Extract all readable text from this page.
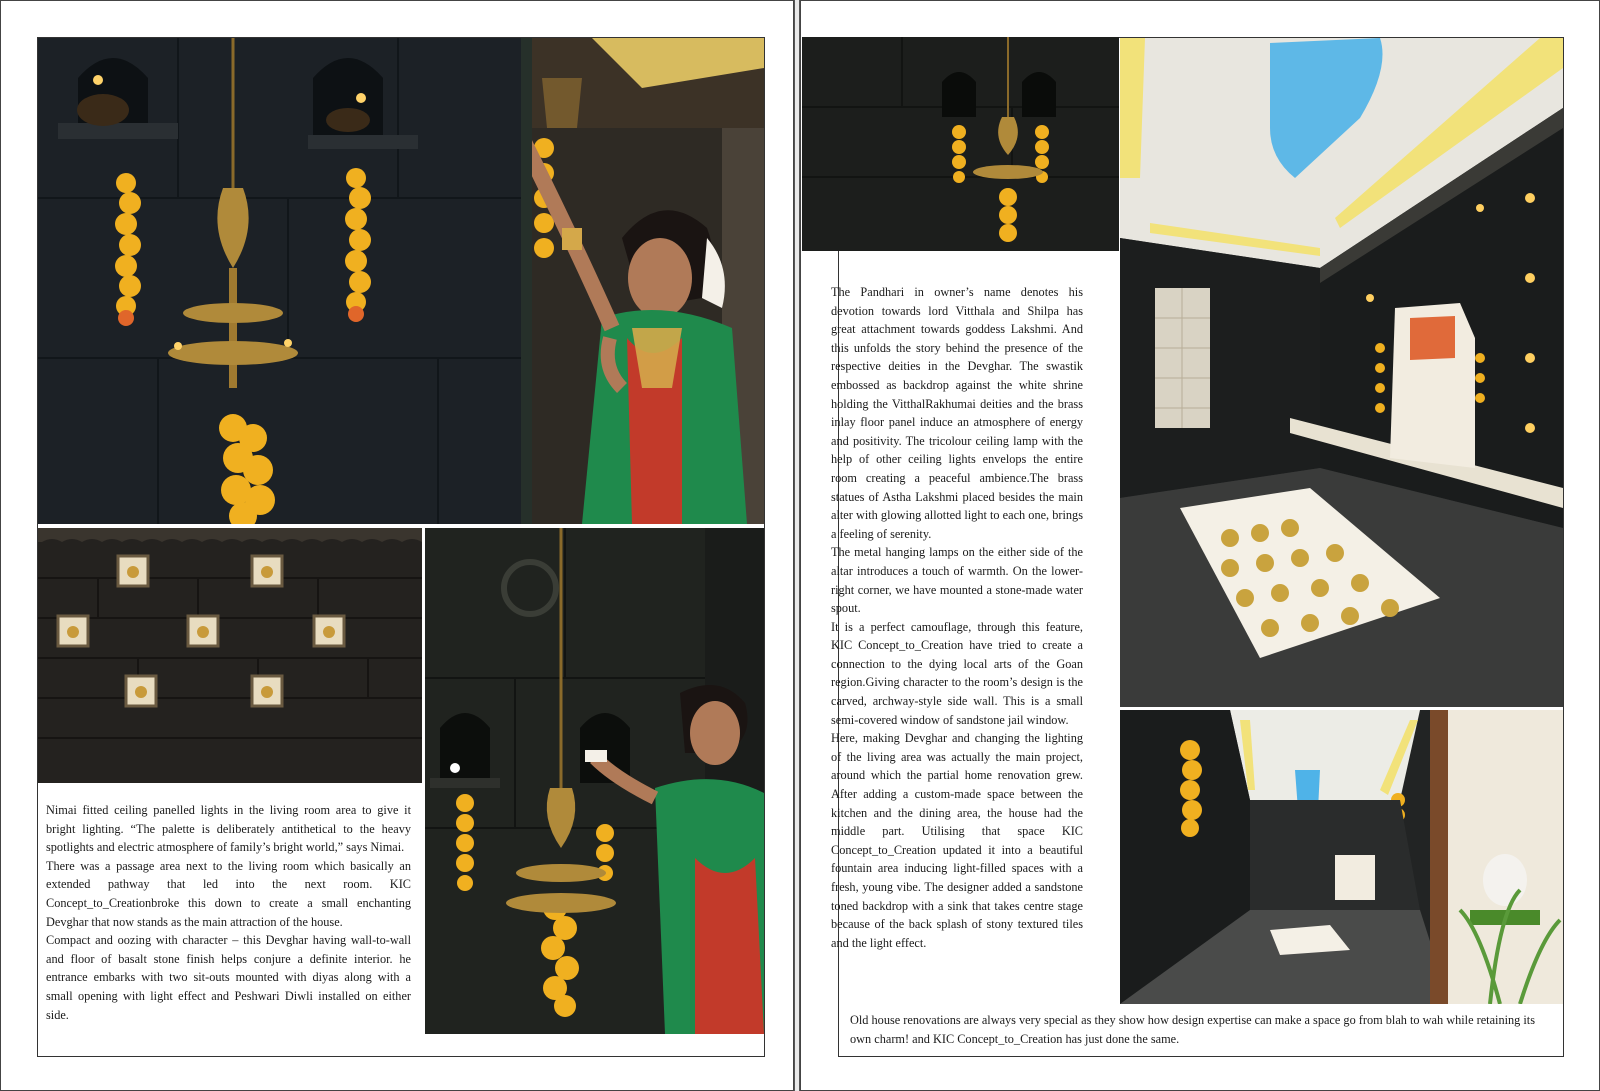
Nimai fitted ceiling panelled lights in the living room area to give it bright lighting. “The palette is deliberately antithetical to the heavy spotlights and electric atmosphere of family’s bright world,” says Nimai.

There was a passage area next to the living room which basically an extended pathway that led into the next room. KIC Concept_to_Creationbroke this down to create a small enchanting Devghar that now stands as the main attraction of the house.

Compact and oozing with character – this Devghar having wall-to-wall and floor of basalt stone finish helps conjure a definite interior. he entrance embarks with two sit-outs mounted with diyas along with a small opening with light effect and Peshwari Diwli installed on either side.

The Pandhari in owner’s name denotes his devotion towards lord Vitthala and Shilpa has great attachment towards goddess Lakshmi. And this unfolds the story behind the presence of the respective deities in the Devghar. The swastik embossed as backdrop against the white shrine holding the VitthalRakhumai deities and the brass inlay floor panel induce an atmosphere of energy and positivity. The tricolour ceiling lamp with the help of other ceiling lights envelops the entire room creating a peaceful ambience.The brass statues of Astha Lakshmi placed besides the main alter with glowing allotted light to each one, brings a feeling of serenity.

The metal hanging lamps on the either side of the altar introduces a touch of warmth. On the lower-right corner, we have mounted a stone-made water spout.

It is a perfect camouflage, through this feature, KIC Concept_to_Creation have tried to create a connection to the dying local arts of the Goan region.Giving character to the room’s design is the carved, archway-style side wall. This is a small semi-covered window of sandstone jail window.

Here, making Devghar and changing the lighting of the living area was actually the main project, around which the partial home renovation grew. After adding a custom-made space between the kitchen and the dining area, the house had the middle part. Utilising that space KIC Concept_to_Creation updated it into a beautiful fountain area inducing light-filled spaces with a fresh, young vibe. The designer added a sandstone toned backdrop with a sink that takes centre stage because of the back splash of stony textured tiles and the light effect.

Old house renovations are always very special as they show how design expertise can make a space go from blah to wah while retaining its own charm! and KIC Concept_to_Creation has just done the same.
